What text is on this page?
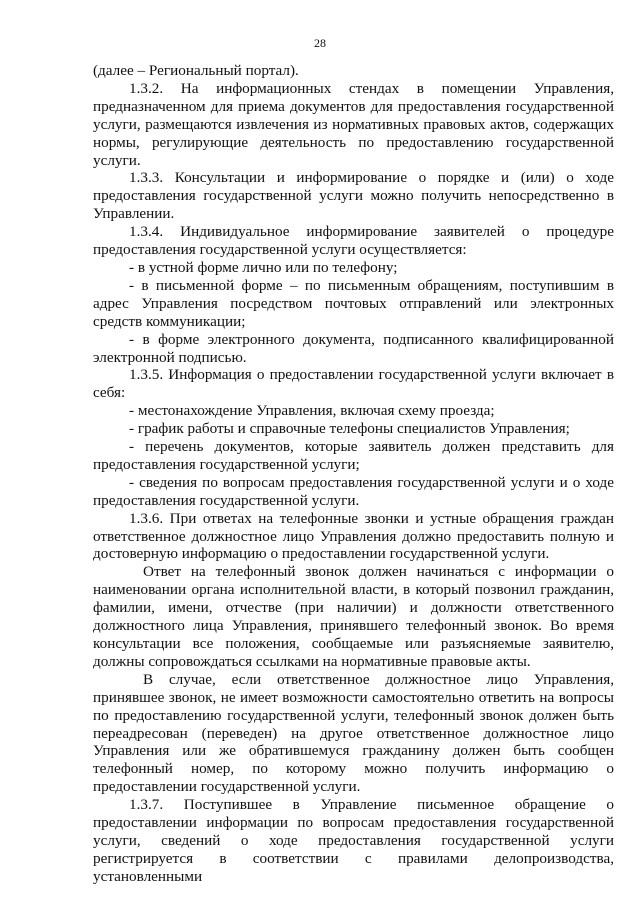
28

(далее – Региональный портал).

1.3.2. На информационных стендах в помещении Управления, предназначенном для приема документов для предоставления государственной услуги, размещаются извлечения из нормативных правовых актов, содержащих нормы, регулирующие деятельность по предоставлению государственной услуги.

1.3.3. Консультации и информирование о порядке и (или) о ходе предоставления государственной услуги можно получить непосредственно в Управлении.

1.3.4. Индивидуальное информирование заявителей о процедуре предоставления государственной услуги осуществляется:

- в устной форме лично или по телефону;

- в письменной форме – по письменным обращениям, поступившим в адрес Управления посредством почтовых отправлений или электронных средств коммуникации;

- в форме электронного документа, подписанного квалифицированной электронной подписью.

1.3.5. Информация о предоставлении государственной услуги включает в себя:

- местонахождение Управления, включая схему проезда;

- график работы и справочные телефоны специалистов Управления;

- перечень документов, которые заявитель должен представить для предоставления государственной услуги;

- сведения по вопросам предоставления государственной услуги и о ходе предоставления государственной услуги.

1.3.6. При ответах на телефонные звонки и устные обращения граждан ответственное должностное лицо Управления должно предоставить полную и достоверную информацию о предоставлении государственной услуги.

Ответ на телефонный звонок должен начинаться с информации о наименовании органа исполнительной власти, в который позвонил гражданин, фамилии, имени, отчестве (при наличии) и должности ответственного должностного лица Управления, принявшего телефонный звонок. Во время консультации все положения, сообщаемые или разъясняемые заявителю, должны сопровождаться ссылками на нормативные правовые акты.

В случае, если ответственное должностное лицо Управления, принявшее звонок, не имеет возможности самостоятельно ответить на вопросы по предоставлению государственной услуги, телефонный звонок должен быть переадресован (переведен) на другое ответственное должностное лицо Управления или же обратившемуся гражданину должен быть сообщен телефонный номер, по которому можно получить информацию о предоставлении государственной услуги.

1.3.7. Поступившее в Управление письменное обращение о предоставлении информации по вопросам предоставления государственной услуги, сведений о ходе предоставления государственной услуги регистрируется в соответствии с правилами делопроизводства, установленными
